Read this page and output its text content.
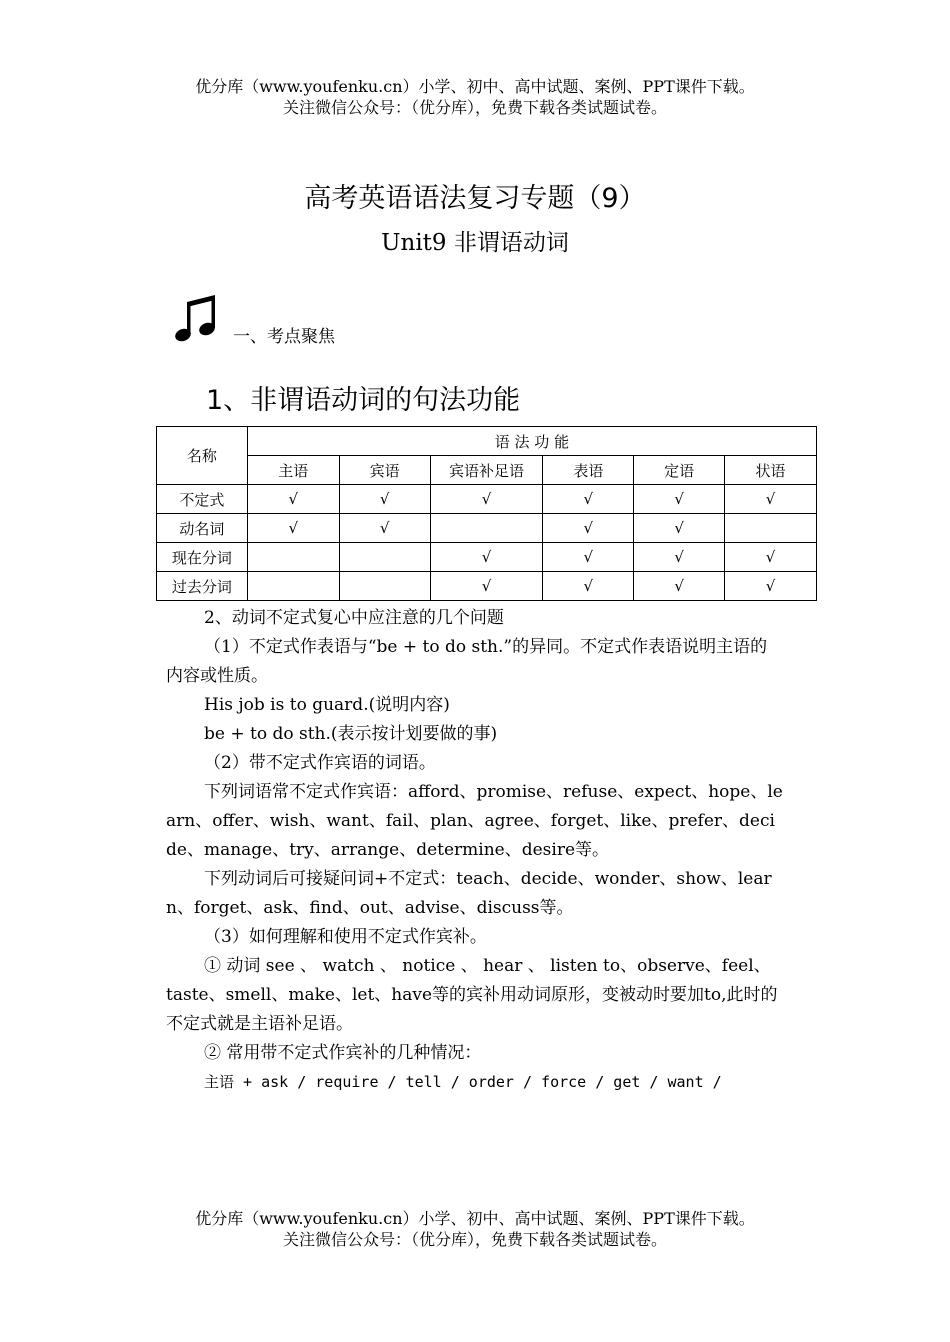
优分库（www.youfenku.cn）小学、初中、高中试题、案例、PPT课件下载。
关注微信公众号：（优分库），免费下载各类试题试卷。
高考英语语法复习专题（9）
Unit9 非谓语动词
一、考点聚焦
1、非谓语动词的句法功能
名称	语 法 功 能					
	主语	宾语	宾语补足语	表语	定语	状语
不定式	√	√	√	√	√	√
动名词	√	√		√	√	
现在分词			√	√	√	√
过去分词			√	√	√	√

2、动词不定式复心中应注意的几个问题

（1）不定式作表语与“be + to do sth.”的异同。不定式作表语说明主语的内容或性质。

His job is to guard.(说明内容)

be + to do sth.(表示按计划要做的事)

（2）带不定式作宾语的词语。

下列词语常不定式作宾语：afford、promise、refuse、expect、hope、learn、offer、wish、want、fail、plan、agree、forget、like、prefer、decide、manage、try、arrange、determine、desire等。

下列动词后可接疑问词+不定式：teach、decide、wonder、show、learn、forget、ask、find、out、advise、discuss等。

（3）如何理解和使用不定式作宾补。

① 动词 see 、 watch 、 notice 、 hear 、 listen to、observe、feel、taste、smell、make、let、have等的宾补用动词原形，变被动时要加to,此时的不定式就是主语补足语。

② 常用带不定式作宾补的几种情况：

主语 + ask / require / tell / order / force / get / want /

优分库（www.youfenku.cn）小学、初中、高中试题、案例、PPT课件下载。
关注微信公众号：（优分库），免费下载各类试题试卷。
